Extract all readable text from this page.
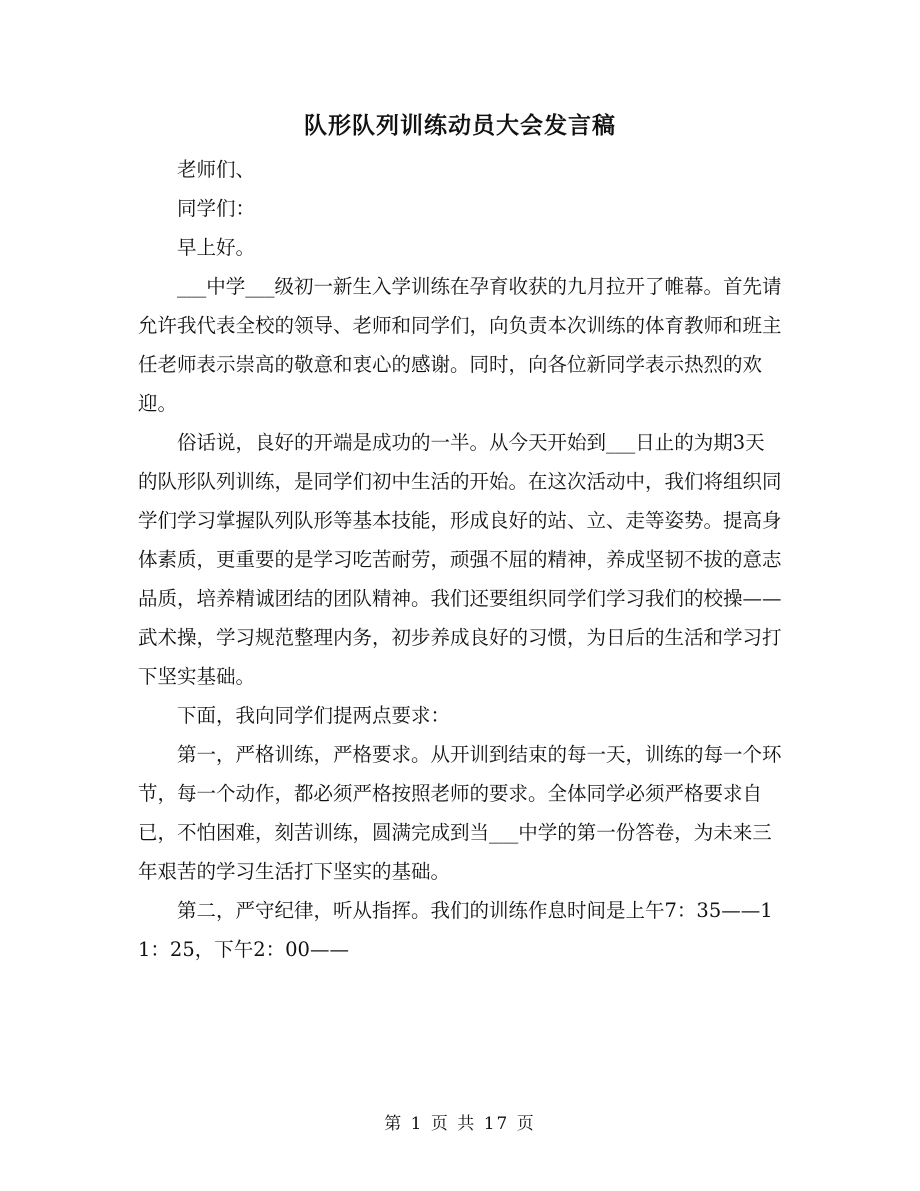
队形队列训练动员大会发言稿

老师们、

同学们：

早上好。

___中学___级初一新生入学训练在孕育收获的九月拉开了帷幕。首先请允许我代表全校的领导、老师和同学们，向负责本次训练的体育教师和班主任老师表示崇高的敬意和衷心的感谢。同时，向各位新同学表示热烈的欢迎。

俗话说，良好的开端是成功的一半。从今天开始到___日止的为期3天的队形队列训练，是同学们初中生活的开始。在这次活动中，我们将组织同学们学习掌握队列队形等基本技能，形成良好的站、立、走等姿势。提高身体素质，更重要的是学习吃苦耐劳，顽强不屈的精神，养成坚韧不拔的意志品质，培养精诚团结的团队精神。我们还要组织同学们学习我们的校操——

武术操，学习规范整理内务，初步养成良好的习惯，为日后的生活和学习打下坚实基础。

下面，我向同学们提两点要求：

第一，严格训练，严格要求。从开训到结束的每一天，训练的每一个环节，每一个动作，都必须严格按照老师的要求。全体同学必须严格要求自已，不怕困难，刻苦训练，圆满完成到当___中学的第一份答卷，为未来三年艰苦的学习生活打下坚实的基础。

第二，严守纪律，听从指挥。我们的训练作息时间是上午7：35——11：25，下午2：00——

第 1 页 共 17 页
